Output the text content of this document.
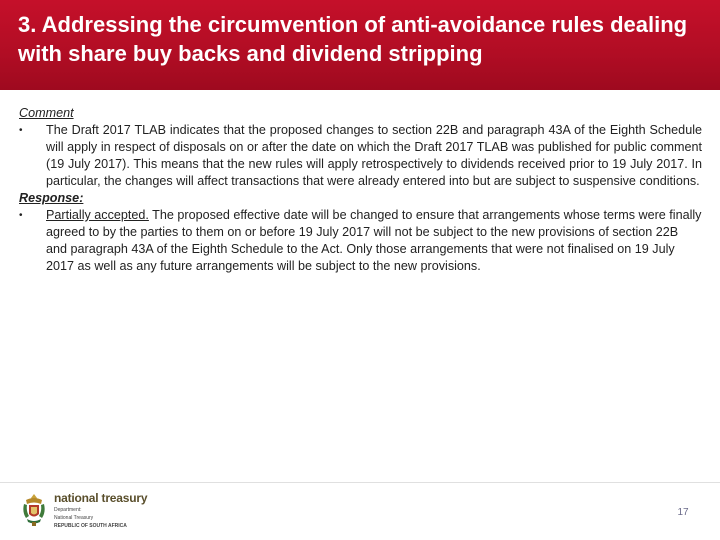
3. Addressing the circumvention of anti-avoidance rules dealing with share buy backs and dividend stripping

Comment

•	The Draft 2017 TLAB indicates that the proposed changes to section 22B and paragraph 43A of the Eighth Schedule will apply in respect of disposals on or after the date on which the Draft 2017 TLAB was published for public comment (19 July 2017). This means that the new rules will apply retrospectively to dividends received prior to 19 July 2017. In particular, the changes will affect transactions that were already entered into but are subject to suspensive conditions.

Response:

•	Partially accepted. The proposed effective date will be changed to ensure that arrangements whose terms were finally agreed to by the parties to them on or before 19 July 2017 will not be subject to the new provisions of section 22B and paragraph 43A of the Eighth Schedule to the Act. Only those arrangements that were not finalised on 19 July 2017 as well as any future arrangements will be subject to the new provisions.
national treasury
Department:
National Treasury
REPUBLIC OF SOUTH AFRICA
17
